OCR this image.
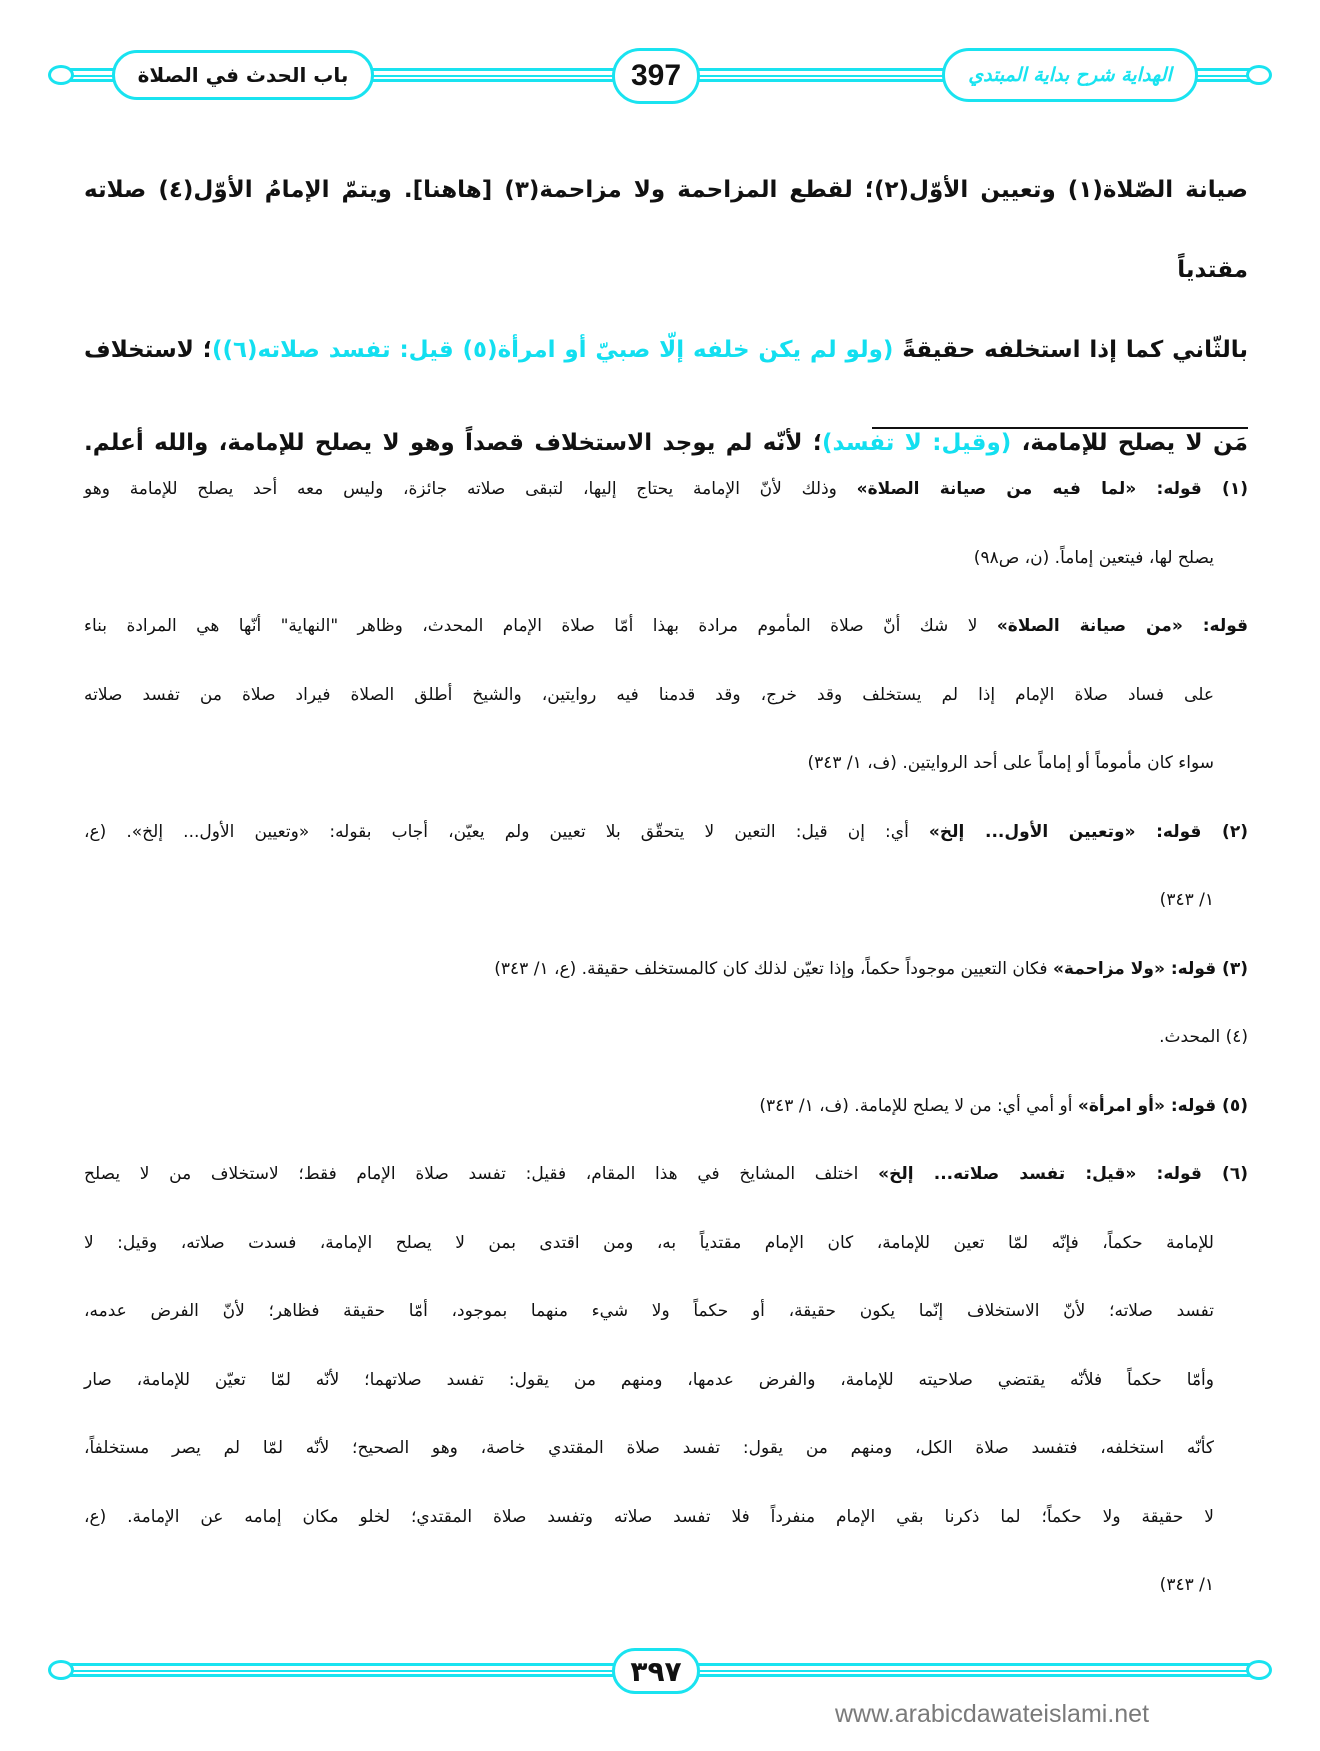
باب الحدث في الصلاة	397	الهداية شرح بداية المبتدي
صيانة الصّلاة(١) وتعيين الأوّل(٢)؛ لقطع المزاحمة ولا مزاحمة(٣) [هاهنا]. ويتمّ الإمامُ الأوّل(٤) صلاته مقتدياً
بالثّاني كما إذا استخلفه حقيقةً (ولو لم يكن خلفه إلّا صبيّ أو امرأة(٥) قيل: تفسد صلاته(٦))؛ لاستخلاف
مَن لا يصلح للإمامة، (وقيل: لا تفسد)؛ لأنّه لم يوجد الاستخلاف قصداً وهو لا يصلح للإمامة، والله أعلم.
(١) قوله: «لما فيه من صيانة الصلاة» وذلك لأنّ الإمامة يحتاج إليها، لتبقى صلاته جائزة، وليس معه أحد يصلح للإمامة وهو
يصلح لها، فيتعين إماماً. (ن، ص٩٨)
قوله: «من صيانة الصلاة» لا شك أنّ صلاة المأموم مرادة بهذا أمّا صلاة الإمام المحدث، وظاهر "النهاية" أنّها هي المرادة بناء
على فساد صلاة الإمام إذا لم يستخلف وقد خرج، وقد قدمنا فيه روايتين، والشيخ أطلق الصلاة فيراد صلاة من تفسد صلاته
سواء كان مأموماً أو إماماً على أحد الروايتين. (ف، ١/ ٣٤٣)
(٢) قوله: «وتعيين الأول... إلخ» أي: إن قيل: التعين لا يتحقّق بلا تعيين ولم يعيّن، أجاب بقوله: «وتعيين الأول... إلخ». (ع،
١/ ٣٤٣)
(٣) قوله: «ولا مزاحمة» فكان التعيين موجوداً حكماً، وإذا تعيّن لذلك كان كالمستخلف حقيقة. (ع، ١/ ٣٤٣)
(٤) المحدث.
(٥) قوله: «أو امرأة» أو أمي أي: من لا يصلح للإمامة. (ف، ١/ ٣٤٣)
(٦) قوله: «قيل: تفسد صلاته... إلخ» اختلف المشايخ في هذا المقام، فقيل: تفسد صلاة الإمام فقط؛ لاستخلاف من لا يصلح
للإمامة حكماً، فإنّه لمّا تعين للإمامة، كان الإمام مقتدياً به، ومن اقتدى بمن لا يصلح الإمامة، فسدت صلاته، وقيل: لا
تفسد صلاته؛ لأنّ الاستخلاف إنّما يكون حقيقة، أو حكماً ولا شيء منهما بموجود، أمّا حقيقة فظاهر؛ لأنّ الفرض عدمه،
وأمّا حكماً فلأنّه يقتضي صلاحيته للإمامة، والفرض عدمها، ومنهم من يقول: تفسد صلاتهما؛ لأنّه لمّا تعيّن للإمامة، صار
كأنّه استخلفه، فتفسد صلاة الكل، ومنهم من يقول: تفسد صلاة المقتدي خاصة، وهو الصحيح؛ لأنّه لمّا لم يصر مستخلفاً،
لا حقيقة ولا حكماً؛ لما ذكرنا بقي الإمام منفرداً فلا تفسد صلاته وتفسد صلاة المقتدي؛ لخلو مكان إمامه عن الإمامة. (ع،
١/ ٣٤٣)
٣٩٧
www.arabicdawateislami.net
